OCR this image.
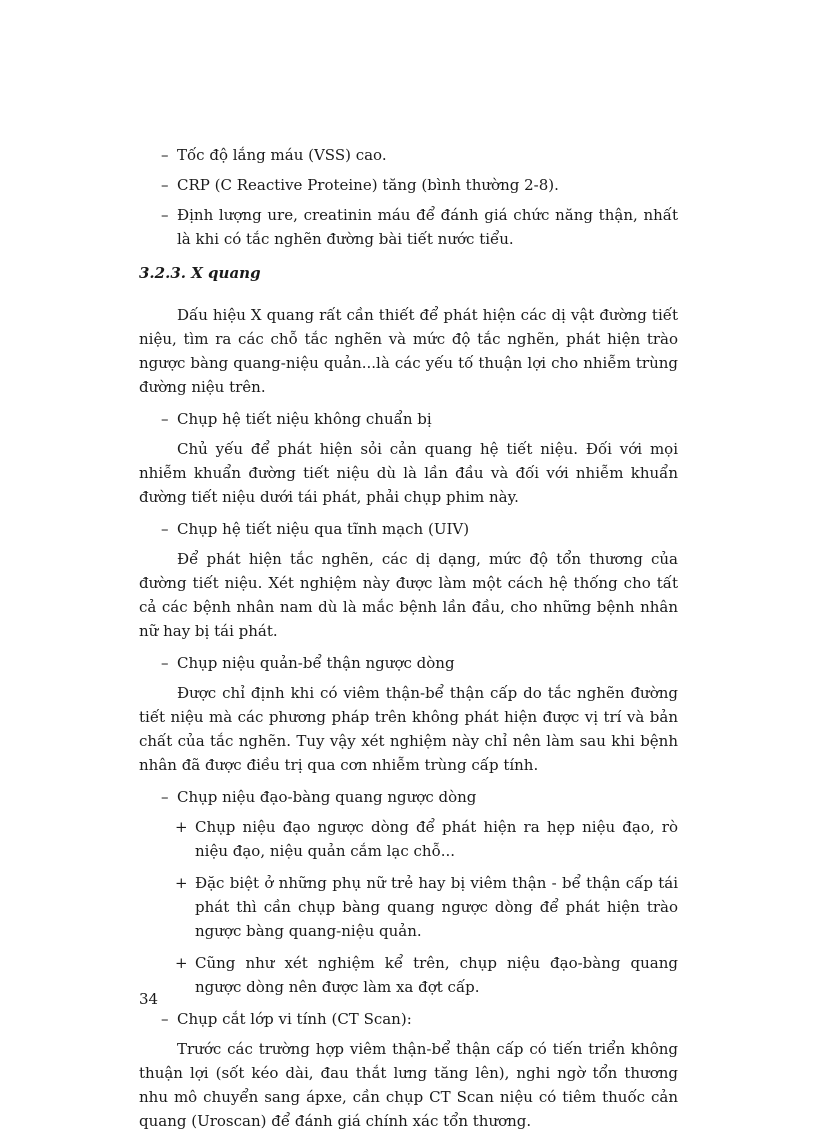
– Tốc độ lắng máu (VSS) cao.
– CRP (C Reactive Proteine) tăng (bình thường 2-8).
– Định lượng ure, creatinin máu để đánh giá chức năng thận, nhất là khi có tắc nghẽn đường bài tiết nước tiểu.
3.2.3. X quang
Dấu hiệu X quang rất cần thiết để phát hiện các dị vật đường tiết niệu, tìm ra các chỗ tắc nghẽn và mức độ tắc nghẽn, phát hiện trào ngược bàng quang-niệu quản...là các yếu tố thuận lợi cho nhiễm trùng đường niệu trên.
– Chụp hệ tiết niệu không chuẩn bị
Chủ yếu để phát hiện sỏi cản quang hệ tiết niệu. Đối với mọi nhiễm khuẩn đường tiết niệu dù là lần đầu và đối với nhiễm khuẩn đường tiết niệu dưới tái phát, phải chụp phim này.
– Chụp hệ tiết niệu qua tĩnh mạch (UIV)
Để phát hiện tắc nghẽn, các dị dạng, mức độ tổn thương của đường tiết niệu. Xét nghiệm này được làm một cách hệ thống cho tất cả các bệnh nhân nam dù là mắc bệnh lần đầu, cho những bệnh nhân nữ hay bị tái phát.
– Chụp niệu quản-bể thận ngược dòng
Được chỉ định khi có viêm thận-bể thận cấp do tắc nghẽn đường tiết niệu mà các phương pháp trên không phát hiện được vị trí và bản chất của tắc nghẽn. Tuy vậy xét nghiệm này chỉ nên làm sau khi bệnh nhân đã được điều trị qua cơn nhiễm trùng cấp tính.
– Chụp niệu đạo-bàng quang ngược dòng
+ Chụp niệu đạo ngược dòng để phát hiện ra hẹp niệu đạo, rò niệu đạo, niệu quản cắm lạc chỗ...
+ Đặc biệt ở những phụ nữ trẻ hay bị viêm thận - bể thận cấp tái phát thì cần chụp bàng quang ngược dòng để phát hiện trào ngược bàng quang-niệu quản.
+ Cũng như xét nghiệm kể trên, chụp niệu đạo-bàng quang ngược dòng nên được làm xa đợt cấp.
– Chụp cắt lớp vi tính (CT Scan):
Trước các trường hợp viêm thận-bể thận cấp có tiến triển không thuận lợi (sốt kéo dài, đau thắt lưng tăng lên), nghi ngờ tổn thương nhu mô chuyển sang ápxe, cần chụp CT Scan niệu có tiêm thuốc cản quang (Uroscan) để đánh giá chính xác tổn thương.
34
